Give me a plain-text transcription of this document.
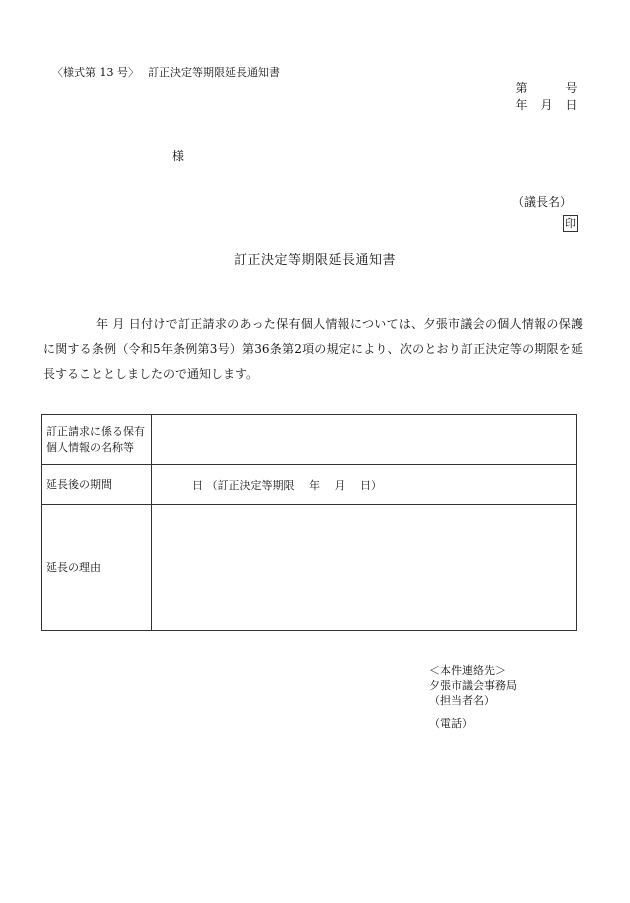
〈様式第 13 号〉　 訂正決定等期限延長通知書
第　　　号
年　月　日
様
（議長名）
印
訂正決定等期限延長通知書

年 月 日付けで訂正請求のあった保有個人情報については、夕張市議会の個人情報の保護に関する条例（令和5年条例第3号）第36条第2項の規定により、次のとおり訂正決定等の期限を延長することとしましたので通知します。

訂正請求に係る保有個人情報の名称等	
延長後の期間	日 （訂正決定等期限　 年　 月　 日）
延長の理由	
＜本件連絡先＞
夕張市議会事務局
（担当者名）
（電話）
